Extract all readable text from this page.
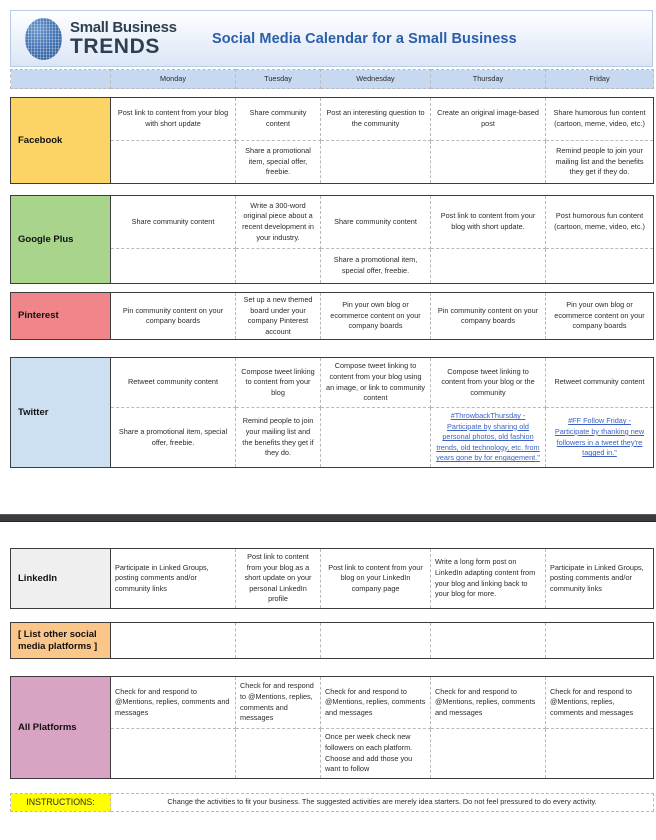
Small Business
TRENDS	Social Media Calendar for a Small Business
	Monday	Tuesday	Wednesday	Thursday	Friday
Facebook	Post link to content from your blog with short update	Share community content	Post an interesting question to the community	Create an original image-based post	Share humorous fun content (cartoon, meme, video, etc.)
		Share a promotional item, special offer, freebie.			Remind people to join your mailing list and the benefits they get if they do.
Google Plus	Share community content	Write a 300-word original piece about a recent development in your industry.	Share community content	Post link to content from your blog with short update.	Post humorous fun content (cartoon, meme, video, etc.)
			Share a promotional item, special offer, freebie.		
Pinterest	Pin community content on your company boards	Set up a new themed board under your company Pinterest account	Pin your own blog or ecommerce content on your company boards	Pin community content on your company boards	Pin your own blog or ecommerce content on your company boards
Twitter	Retweet community content	Compose tweet linking to content from your blog	Compose tweet linking to content from your blog using an image, or link to community content	Compose tweet linking to content from your blog or the community	Retweet community content
	Share a promotional item, special offer, freebie.	Remind people to join your mailing list and the benefits they get if they do.		#ThrowbackThursday - Participate by sharing old personal photos, old fashion trends, old technology, etc. from years gone by for engagement."	#FF Follow Friday - Participate by thanking new followers in a tweet they're tagged in."
LinkedIn	Participate in Linked Groups, posting comments and/or community links	Post link to content from your blog as a short update on your personal LinkedIn profile	Post link to content from your blog on your LinkedIn company page	Write a long form post on LinkedIn adapting content from your blog and linking back to your blog for more.	Participate in Linked Groups, posting comments and/or community links
[ List other social media platforms ]					
All Platforms	Check for and respond to @Mentions, replies, comments and messages	Check for and respond to @Mentions, replies, comments and messages	Check for and respond to @Mentions, replies, comments and messages	Check for and respond to @Mentions, replies, comments and messages	Check for and respond to @Mentions, replies, comments and messages
			Once per week check new followers on each platform. Choose and add those you want to follow		
INSTRUCTIONS:	Change the activities to fit your business. The suggested activities are merely idea starters. Do not feel pressured to do every activity.
